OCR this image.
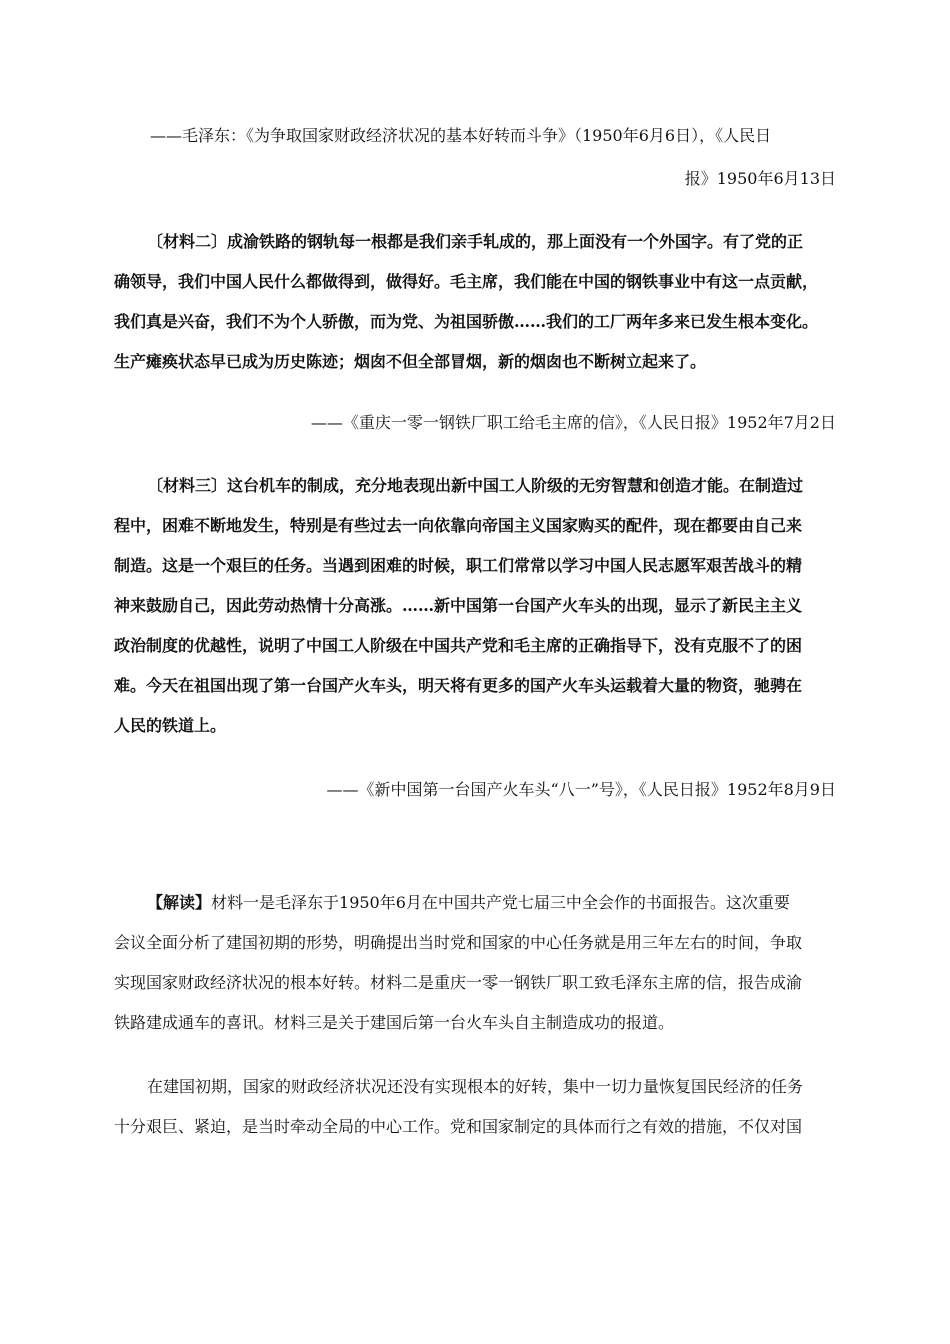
——毛泽东：《为争取国家财政经济状况的基本好转而斗争》（1950年6月6日），《人民日
报》1950年6月13日
〔材料二〕成渝铁路的钢轨每一根都是我们亲手轧成的，那上面没有一个外国字。有了党的正
确领导，我们中国人民什么都做得到，做得好。毛主席，我们能在中国的钢铁事业中有这一点贡献，
我们真是兴奋，我们不为个人骄傲，而为党、为祖国骄傲……我们的工厂两年多来已发生根本变化。
生产瘫痪状态早已成为历史陈迹；烟囱不但全部冒烟，新的烟囱也不断树立起来了。
——《重庆一零一钢铁厂职工给毛主席的信》，《人民日报》1952年7月2日
〔材料三〕这台机车的制成，充分地表现出新中国工人阶级的无穷智慧和创造才能。在制造过
程中，困难不断地发生，特别是有些过去一向依靠向帝国主义国家购买的配件，现在都要由自己来
制造。这是一个艰巨的任务。当遇到困难的时候，职工们常常以学习中国人民志愿军艰苦战斗的精
神来鼓励自己，因此劳动热情十分高涨。……新中国第一台国产火车头的出现，显示了新民主主义
政治制度的优越性，说明了中国工人阶级在中国共产党和毛主席的正确指导下，没有克服不了的困
难。今天在祖国出现了第一台国产火车头，明天将有更多的国产火车头运载着大量的物资，驰骋在
人民的铁道上。
——《新中国第一台国产火车头“八一”号》，《人民日报》1952年8月9日
【解读】材料一是毛泽东于1950年6月在中国共产党七届三中全会作的书面报告。这次重要
会议全面分析了建国初期的形势，明确提出当时党和国家的中心任务就是用三年左右的时间，争取
实现国家财政经济状况的根本好转。材料二是重庆一零一钢铁厂职工致毛泽东主席的信，报告成渝
铁路建成通车的喜讯。材料三是关于建国后第一台火车头自主制造成功的报道。
在建国初期，国家的财政经济状况还没有实现根本的好转，集中一切力量恢复国民经济的任务
十分艰巨、紧迫，是当时牵动全局的中心工作。党和国家制定的具体而行之有效的措施，不仅对国
